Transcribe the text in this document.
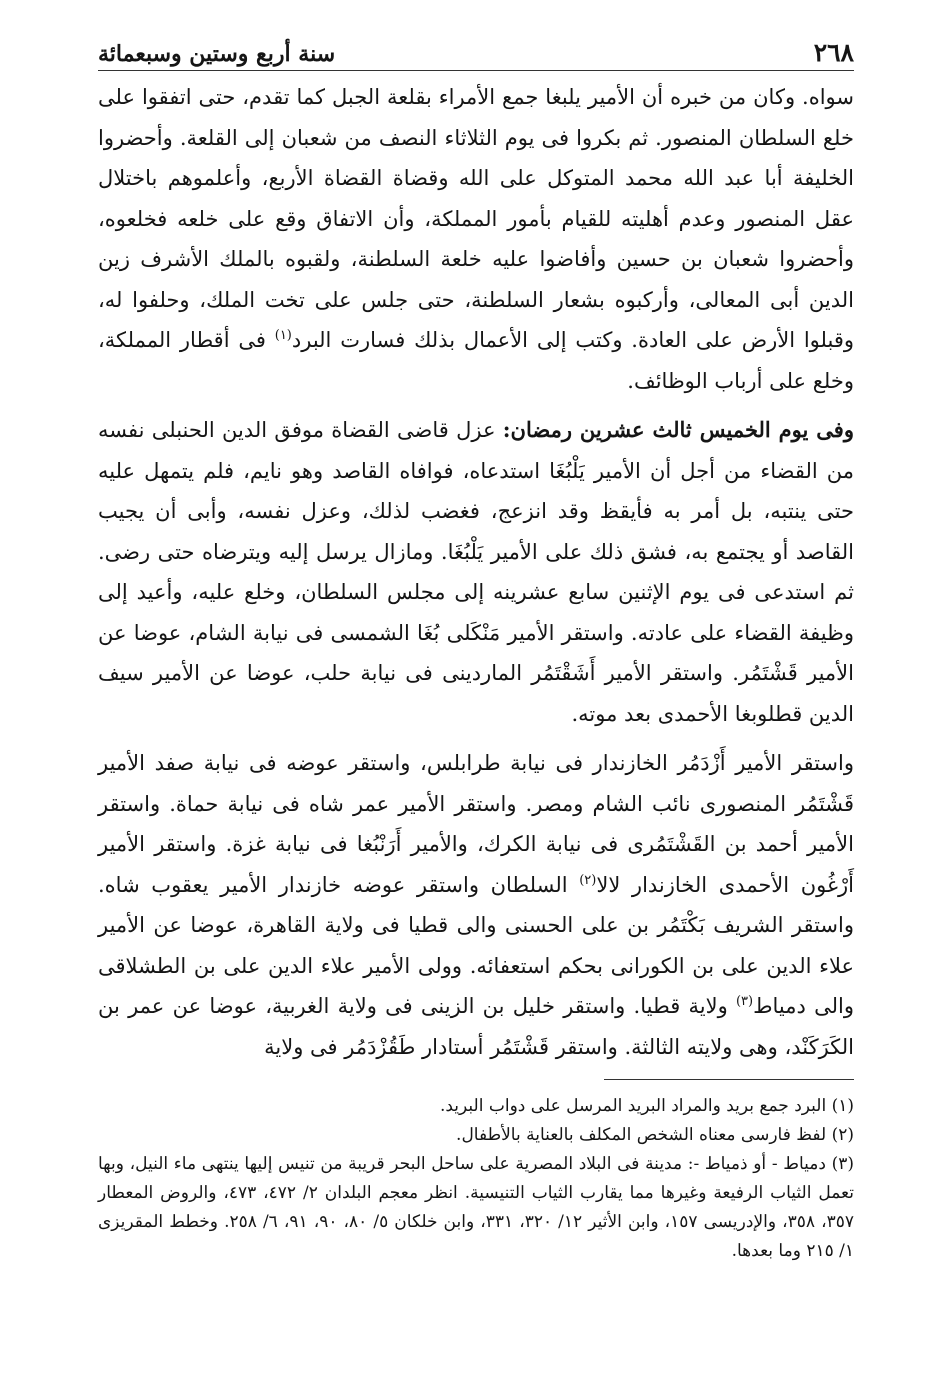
٢٦٨
سنة أربع وستين وسبعمائة

سواه. وكان من خبره أن الأمير يلبغا جمع الأمراء بقلعة الجبل كما تقدم، حتى اتفقوا على خلع السلطان المنصور. ثم بكروا فى يوم الثلاثاء النصف من شعبان إلى القلعة. وأحضروا الخليفة أبا عبد الله محمد المتوكل على الله وقضاة القضاة الأربع، وأعلموهم باختلال عقل المنصور وعدم أهليته للقيام بأمور المملكة، وأن الاتفاق وقع على خلعه فخلعوه، وأحضروا شعبان بن حسين وأفاضوا عليه خلعة السلطنة، ولقبوه بالملك الأشرف زين الدين أبى المعالى، وأركبوه بشعار السلطنة، حتى جلس على تخت الملك، وحلفوا له، وقبلوا الأرض على العادة. وكتب إلى الأعمال بذلك فسارت البرد$^{(١)}$ فى أقطار المملكة، وخلع على أرباب الوظائف.

وفى يوم الخميس ثالث عشرين رمضان: عزل قاضى القضاة موفق الدين الحنبلى نفسه من القضاء من أجل أن الأمير يَلْبُغَا استدعاه، فوافاه القاصد وهو نايم، فلم يتمهل عليه حتى ينتبه، بل أمر به فأيقظ وقد انزعج، فغضب لذلك، وعزل نفسه، وأبى أن يجيب القاصد أو يجتمع به، فشق ذلك على الأمير يَلْبُغَا. ومازال يرسل إليه ويترضاه حتى رضى. ثم استدعى فى يوم الإثنين سابع عشرينه إلى مجلس السلطان، وخلع عليه، وأعيد إلى وظيفة القضاء على عادته. واستقر الأمير مَنْكَلى بُغَا الشمسى فى نيابة الشام، عوضا عن الأمير قَشْتَمُر. واستقر الأمير أَشَقْتَمُر الماردينى فى نيابة حلب، عوضا عن الأمير سيف الدين قطلوبغا الأحمدى بعد موته.

واستقر الأمير أَزْدَمُر الخازندار فى نيابة طرابلس، واستقر عوضه فى نيابة صفد الأمير قَشْتَمُر المنصورى نائب الشام ومصر. واستقر الأمير عمر شاه فى نيابة حماة. واستقر الأمير أحمد بن القَشْتَمُرى فى نيابة الكرك، والأمير أَرَنْبُغا فى نيابة غزة. واستقر الأمير أَرْغُون الأحمدى الخازندار لالا$^{(٢)}$ السلطان واستقر عوضه خازندار الأمير يعقوب شاه. واستقر الشريف بَكْتَمُر بن على الحسنى والى قطيا فى ولاية القاهرة، عوضا عن الأمير علاء الدين على بن الكورانى بحكم استعفائه. وولى الأمير علاء الدين على بن الطشلاقى والى دمياط$^{(٣)}$ ولاية قطيا. واستقر خليل بن الزينى فى ولاية الغربية، عوضا عن عمر بن الكَرَكَنْد، وهى ولايته الثالثة. واستقر قَشْتَمُر أستادار طَقُزْدَمُر فى ولاية

(١) البرد جمع بريد والمراد البريد المرسل على دواب البريد.

(٢) لفظ فارسى معناه الشخص المكلف بالعناية بالأطفال.

(٣) دمياط - أو ذمياط -: مدينة فى البلاد المصرية على ساحل البحر قريبة من تنيس إليها ينتهى ماء النيل، وبها تعمل الثياب الرفيعة وغيرها مما يقارب الثياب التنيسية. انظر معجم البلدان ٢/ ٤٧٢، ٤٧٣، والروض المعطار ٣٥٧، ٣٥٨، والإدريسى ١٥٧، وابن الأثير ١٢/ ٣٢٠، ٣٣١، وابن خلكان ٥/ ٨٠، ٩٠، ٩١، ٦/ ٢٥٨. وخطط المقريزى ١/ ٢١٥ وما بعدها.
